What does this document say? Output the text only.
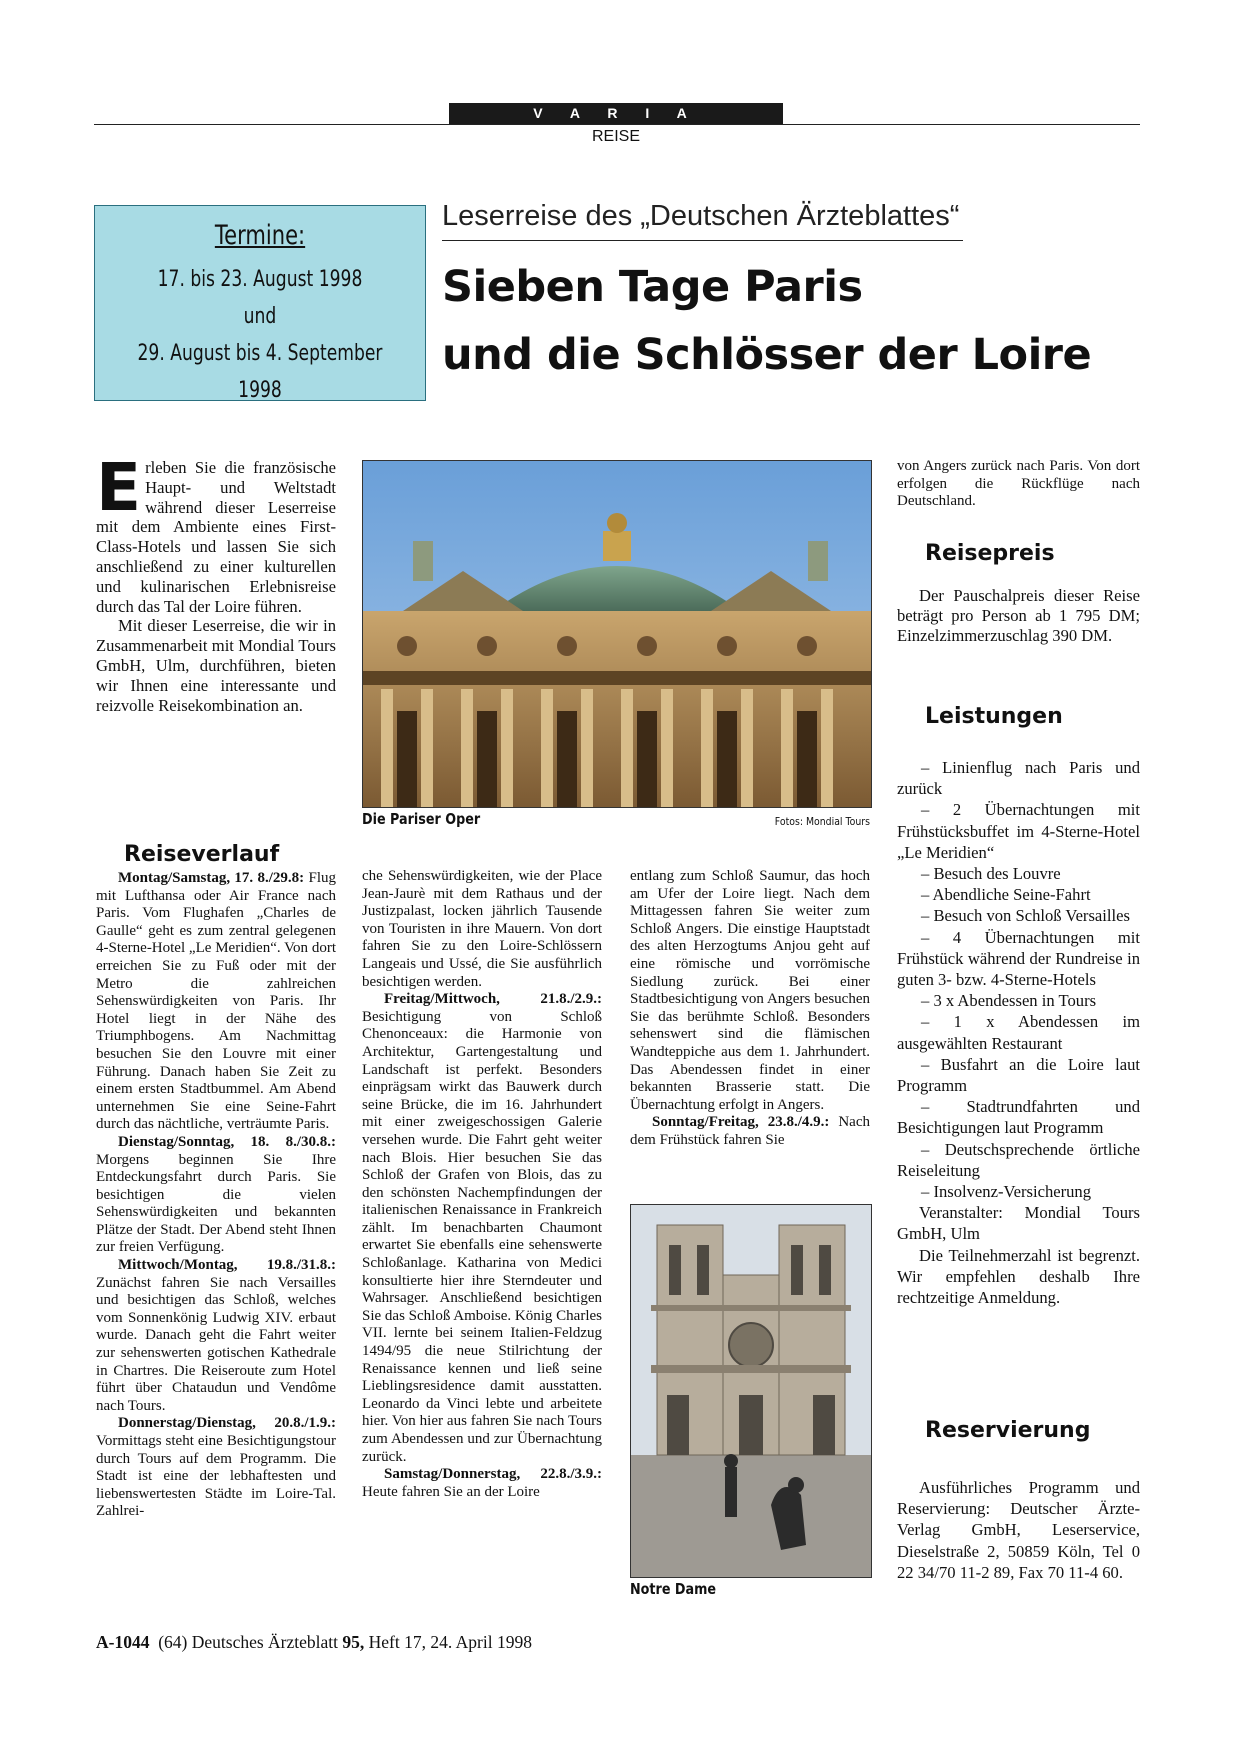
V A R I A
REISE
Termine:
17. bis 23. August 1998
und
29. August bis 4. September 1998
Leserreise des „Deutschen Ärzteblattes“
Sieben Tage Paris
und die Schlösser der Loire

Erleben Sie die französische Haupt- und Weltstadt während dieser Leserreise mit dem Ambiente eines First-Class-Hotels und lassen Sie sich anschließend zu einer kulturellen und kulinarischen Erlebnisreise durch das Tal der Loire führen.

Mit dieser Leserreise, die wir in Zusammenarbeit mit Mondial Tours GmbH, Ulm, durchführen, bieten wir Ihnen eine interessante und reizvolle Reisekombination an.

Reiseverlauf

Montag/Samstag, 17. 8./29.8: Flug mit Lufthansa oder Air France nach Paris. Vom Flughafen „Charles de Gaulle“ geht es zum zentral gelegenen 4-Sterne-Hotel „Le Meridien“. Von dort erreichen Sie zu Fuß oder mit der Metro die zahlreichen Sehenswürdigkeiten von Paris. Ihr Hotel liegt in der Nähe des Triumphbogens. Am Nachmittag besuchen Sie den Louvre mit einer Führung. Danach haben Sie Zeit zu einem ersten Stadtbummel. Am Abend unternehmen Sie eine Seine-Fahrt durch das nächtliche, verträumte Paris.

Dienstag/Sonntag, 18. 8./30.8.: Morgens beginnen Sie Ihre Entdeckungsfahrt durch Paris. Sie besichtigen die vielen Sehenswürdigkeiten und bekannten Plätze der Stadt. Der Abend steht Ihnen zur freien Verfügung.

Mittwoch/Montag, 19.8./31.8.: Zunächst fahren Sie nach Versailles und besichtigen das Schloß, welches vom Sonnenkönig Ludwig XIV. erbaut wurde. Danach geht die Fahrt weiter zur sehenswerten gotischen Kathedrale in Chartres. Die Reiseroute zum Hotel führt über Chataudun und Vendôme nach Tours.

Donnerstag/Dienstag, 20.8./1.9.: Vormittags steht eine Besichtigungstour durch Tours auf dem Programm. Die Stadt ist eine der lebhaftesten und liebenswertesten Städte im Loire-Tal. Zahlrei-

Die Pariser Oper	Fotos: Mondial Tours

che Sehenswürdigkeiten, wie der Place Jean-Jaurè mit dem Rathaus und der Justizpalast, locken jährlich Tausende von Touristen in ihre Mauern. Von dort fahren Sie zu den Loire-Schlössern Langeais und Ussé, die Sie ausführlich besichtigen werden.

Freitag/Mittwoch, 21.8./2.9.: Besichtigung von Schloß Chenonceaux: die Harmonie von Architektur, Gartengestaltung und Landschaft ist perfekt. Besonders einprägsam wirkt das Bauwerk durch seine Brücke, die im 16. Jahrhundert mit einer zweigeschossigen Galerie versehen wurde. Die Fahrt geht weiter nach Blois. Hier besuchen Sie das Schloß der Grafen von Blois, das zu den schönsten Nachempfindungen der italienischen Renaissance in Frankreich zählt. Im benachbarten Chaumont erwartet Sie ebenfalls eine sehenswerte Schloßanlage. Katharina von Medici konsultierte hier ihre Sterndeuter und Wahrsager. Anschließend besichtigen Sie das Schloß Amboise. König Charles VII. lernte bei seinem Italien-Feldzug 1494/95 die neue Stilrichtung der Renaissance kennen und ließ seine Lieblingsresidence damit ausstatten. Leonardo da Vinci lebte und arbeitete hier. Von hier aus fahren Sie nach Tours zum Abendessen und zur Übernachtung zurück.

Samstag/Donnerstag, 22.8./3.9.: Heute fahren Sie an der Loire

entlang zum Schloß Saumur, das hoch am Ufer der Loire liegt. Nach dem Mittagessen fahren Sie weiter zum Schloß Angers. Die einstige Hauptstadt des alten Herzogtums Anjou geht auf eine römische und vorrömische Siedlung zurück. Bei einer Stadtbesichtigung von Angers besuchen Sie das berühmte Schloß. Besonders sehenswert sind die flämischen Wandteppiche aus dem 1. Jahrhundert. Das Abendessen findet in einer bekannten Brasserie statt. Die Übernachtung erfolgt in Angers.

Sonntag/Freitag, 23.8./4.9.: Nach dem Frühstück fahren Sie

Notre Dame

von Angers zurück nach Paris. Von dort erfolgen die Rückflüge nach Deutschland.

Reisepreis

Der Pauschalpreis dieser Reise beträgt pro Person ab 1 795 DM; Einzelzimmerzuschlag 390 DM.

Leistungen
– Linienflug nach Paris und zurück
– 2 Übernachtungen mit Frühstücksbuffet im 4-Sterne-Hotel „Le Meridien“
– Besuch des Louvre
– Abendliche Seine-Fahrt
– Besuch von Schloß Versailles
– 4 Übernachtungen mit Frühstück während der Rundreise in guten 3- bzw. 4-Sterne-Hotels
– 3 x Abendessen in Tours
– 1 x Abendessen im ausgewählten Restaurant
– Busfahrt an die Loire laut Programm
– Stadtrundfahrten und Besichtigungen laut Programm
– Deutschsprechende örtliche Reiseleitung
– Insolvenz-Versicherung

Veranstalter: Mondial Tours GmbH, Ulm

Die Teilnehmerzahl ist begrenzt. Wir empfehlen deshalb Ihre rechtzeitige Anmeldung.

Reservierung

Ausführliches Programm und Reservierung: Deutscher Ärzte-Verlag GmbH, Leserservice, Dieselstraße 2, 50859 Köln, Tel 0 22 34/70 11-2 89, Fax 70 11-4 60.

A-1044 (64) Deutsches Ärzteblatt 95, Heft 17, 24. April 1998
